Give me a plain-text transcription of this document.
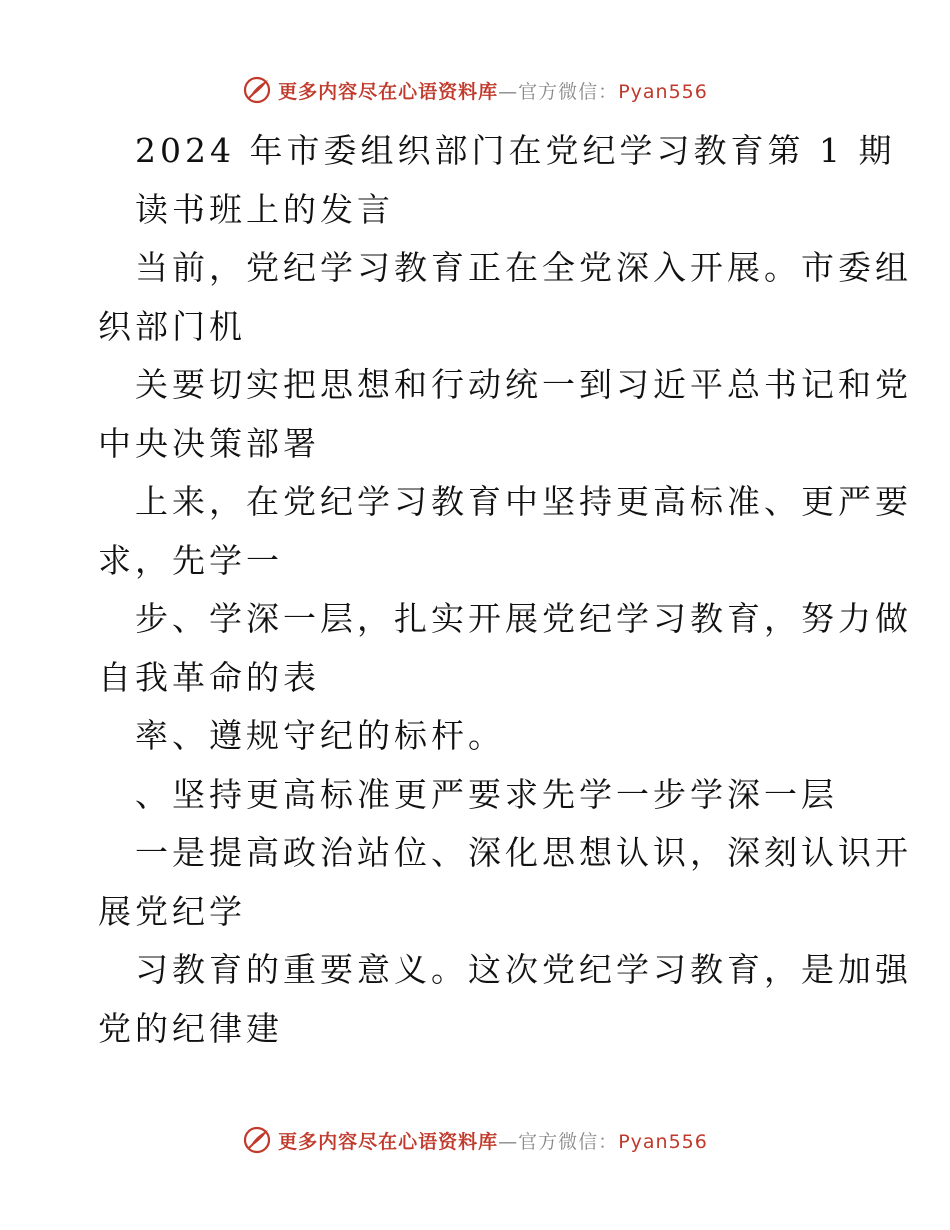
更多内容尽在心语资料库—官方微信：Pyan556
2024 年市委组织部门在党纪学习教育第 1 期
读书班上的发言
当前，党纪学习教育正在全党深入开展。市委组
织部门机
关要切实把思想和行动统一到习近平总书记和党
中央决策部署
上来，在党纪学习教育中坚持更高标准、更严要
求，先学一
步、学深一层，扎实开展党纪学习教育，努力做
自我革命的表
率、遵规守纪的标杆。
、坚持更高标准更严要求先学一步学深一层
一是提高政治站位、深化思想认识，深刻认识开
展党纪学
习教育的重要意义。这次党纪学习教育，是加强
党的纪律建
更多内容尽在心语资料库—官方微信：Pyan556
